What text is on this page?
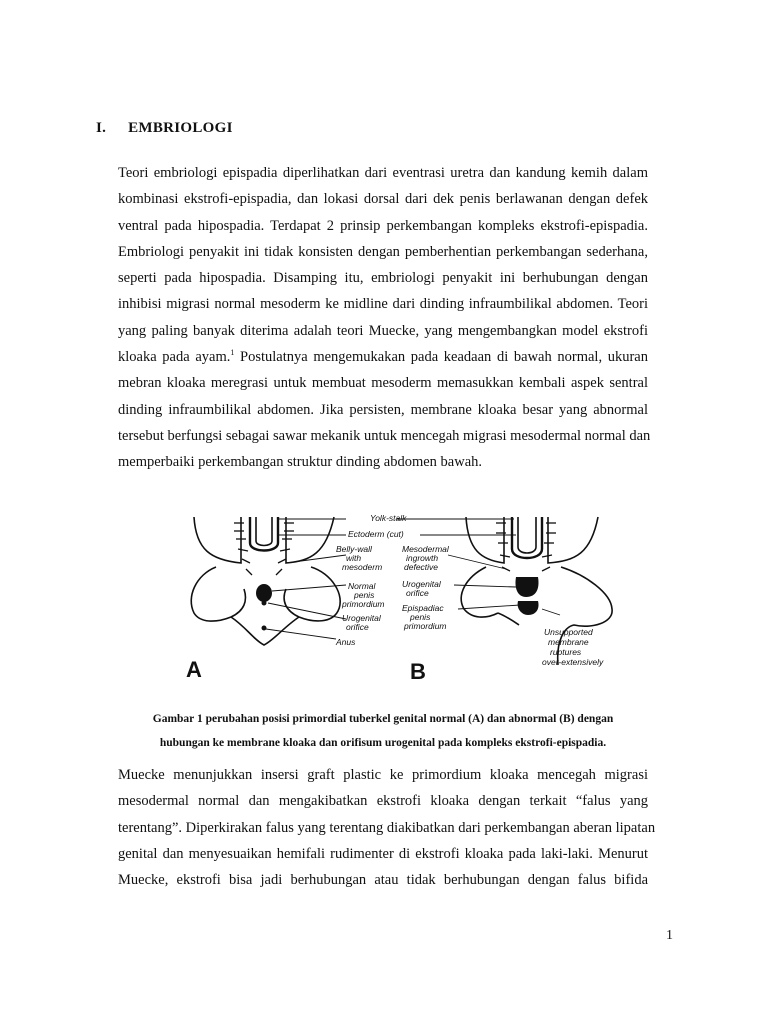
I. EMBRIOLOGI
Teori embriologi epispadia diperlihatkan dari eventrasi uretra dan kandung kemih dalam
kombinasi ekstrofi-epispadia, dan lokasi dorsal dari dek penis berlawanan dengan defek
ventral pada hipospadia. Terdapat 2 prinsip perkembangan kompleks ekstrofi-epispadia.
Embriologi penyakit ini tidak konsisten dengan pemberhentian perkembangan sederhana,
seperti pada hipospadia. Disamping itu, embriologi penyakit ini berhubungan dengan
inhibisi migrasi normal mesoderm ke midline dari dinding infraumbilikal abdomen. Teori
yang paling banyak diterima adalah teori Muecke, yang mengembangkan model ekstrofi
kloaka pada ayam.$^1$ Postulatnya mengemukakan pada keadaan di bawah normal, ukuran
mebran kloaka meregrasi untuk membuat mesoderm memasukkan kembali aspek sentral
dinding infraumbilikal abdomen. Jika persisten, membrane kloaka besar yang abnormal
tersebut berfungsi sebagai sawar mekanik untuk mencegah migrasi mesodermal normal dan
memperbaiki perkembangan struktur dinding abdomen bawah.
Yolk-stalk
Ectoderm (cut)
Belly-wall
with
mesoderm
Normal
penis
primordium
Urogenital
orifice
Anus
Mesodermal
ingrowth
defective
Urogenital
orifice
Epispadiac
penis
primordium
Unsupported
membrane
ruptures
over-extensively
A	B
Gambar 1 perubahan posisi primordial tuberkel genital normal (A) dan abnormal (B) dengan
hubungan ke membrane kloaka dan orifisum urogenital pada kompleks ekstrofi-epispadia.
Muecke menunjukkan insersi graft plastic ke primordium kloaka mencegah migrasi
mesodermal normal dan mengakibatkan ekstrofi kloaka dengan terkait “falus yang
terentang”. Diperkirakan falus yang terentang diakibatkan dari perkembangan aberan lipatan
genital dan menyesuaikan hemifali rudimenter di ekstrofi kloaka pada laki-laki. Menurut
Muecke, ekstrofi bisa jadi berhubungan atau tidak berhubungan dengan falus bifida
1
